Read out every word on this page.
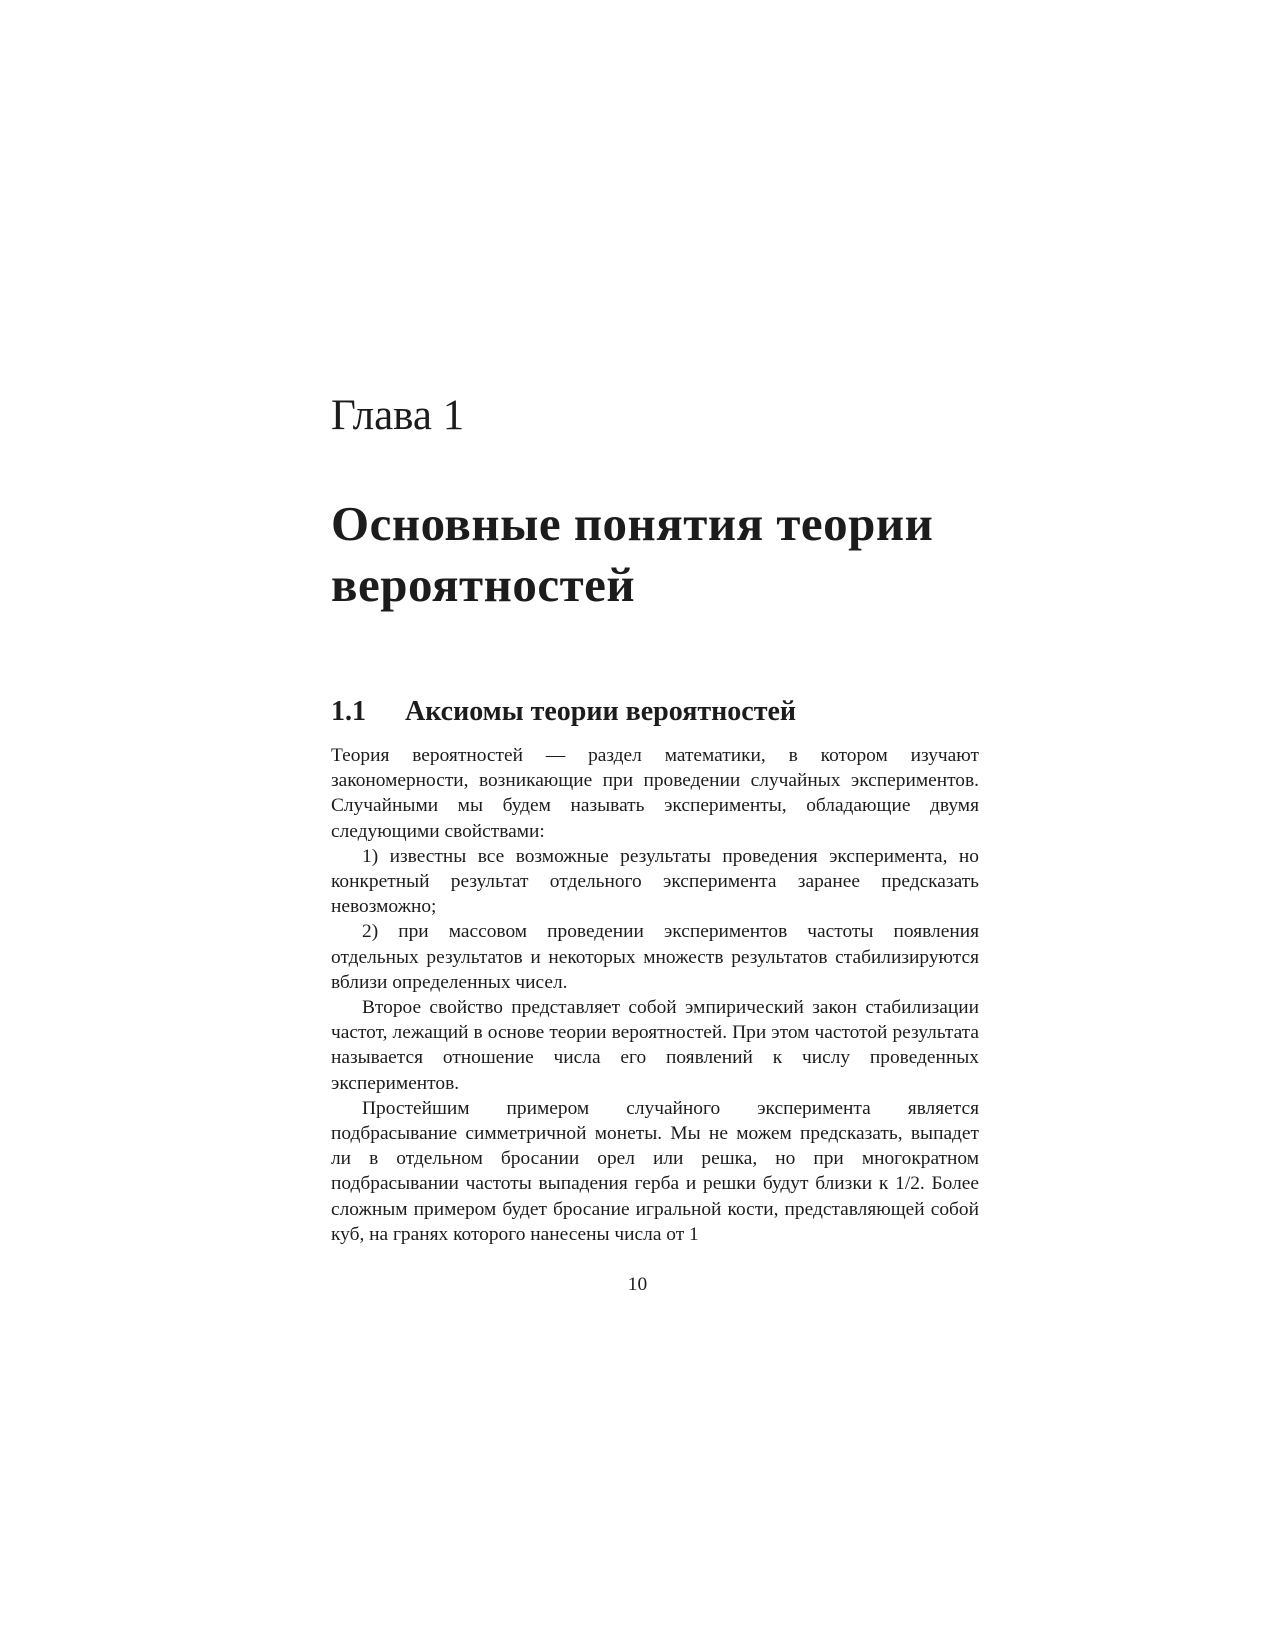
Глава 1
Основные понятия теории вероятностей
1.1 Аксиомы теории вероятностей

Теория вероятностей — раздел математики, в котором изучают закономерности, возникающие при проведении случайных экспериментов. Случайными мы будем называть эксперименты, обладающие двумя следующими свойствами:

1) известны все возможные результаты проведения эксперимента, но конкретный результат отдельного эксперимента заранее предсказать невозможно;

2) при массовом проведении экспериментов частоты появления отдельных результатов и некоторых множеств результатов стабилизируются вблизи определенных чисел.

Второе свойство представляет собой эмпирический закон стабилизации частот, лежащий в основе теории вероятностей. При этом частотой результата называется отношение числа его появлений к числу проведенных экспериментов.

Простейшим примером случайного эксперимента является подбрасывание симметричной монеты. Мы не можем предсказать, выпадет ли в отдельном бросании орел или решка, но при многократном подбрасывании частоты выпадения герба и решки будут близки к 1/2. Более сложным примером будет бросание игральной кости, представляющей собой куб, на гранях которого нанесены числа от 1

10
